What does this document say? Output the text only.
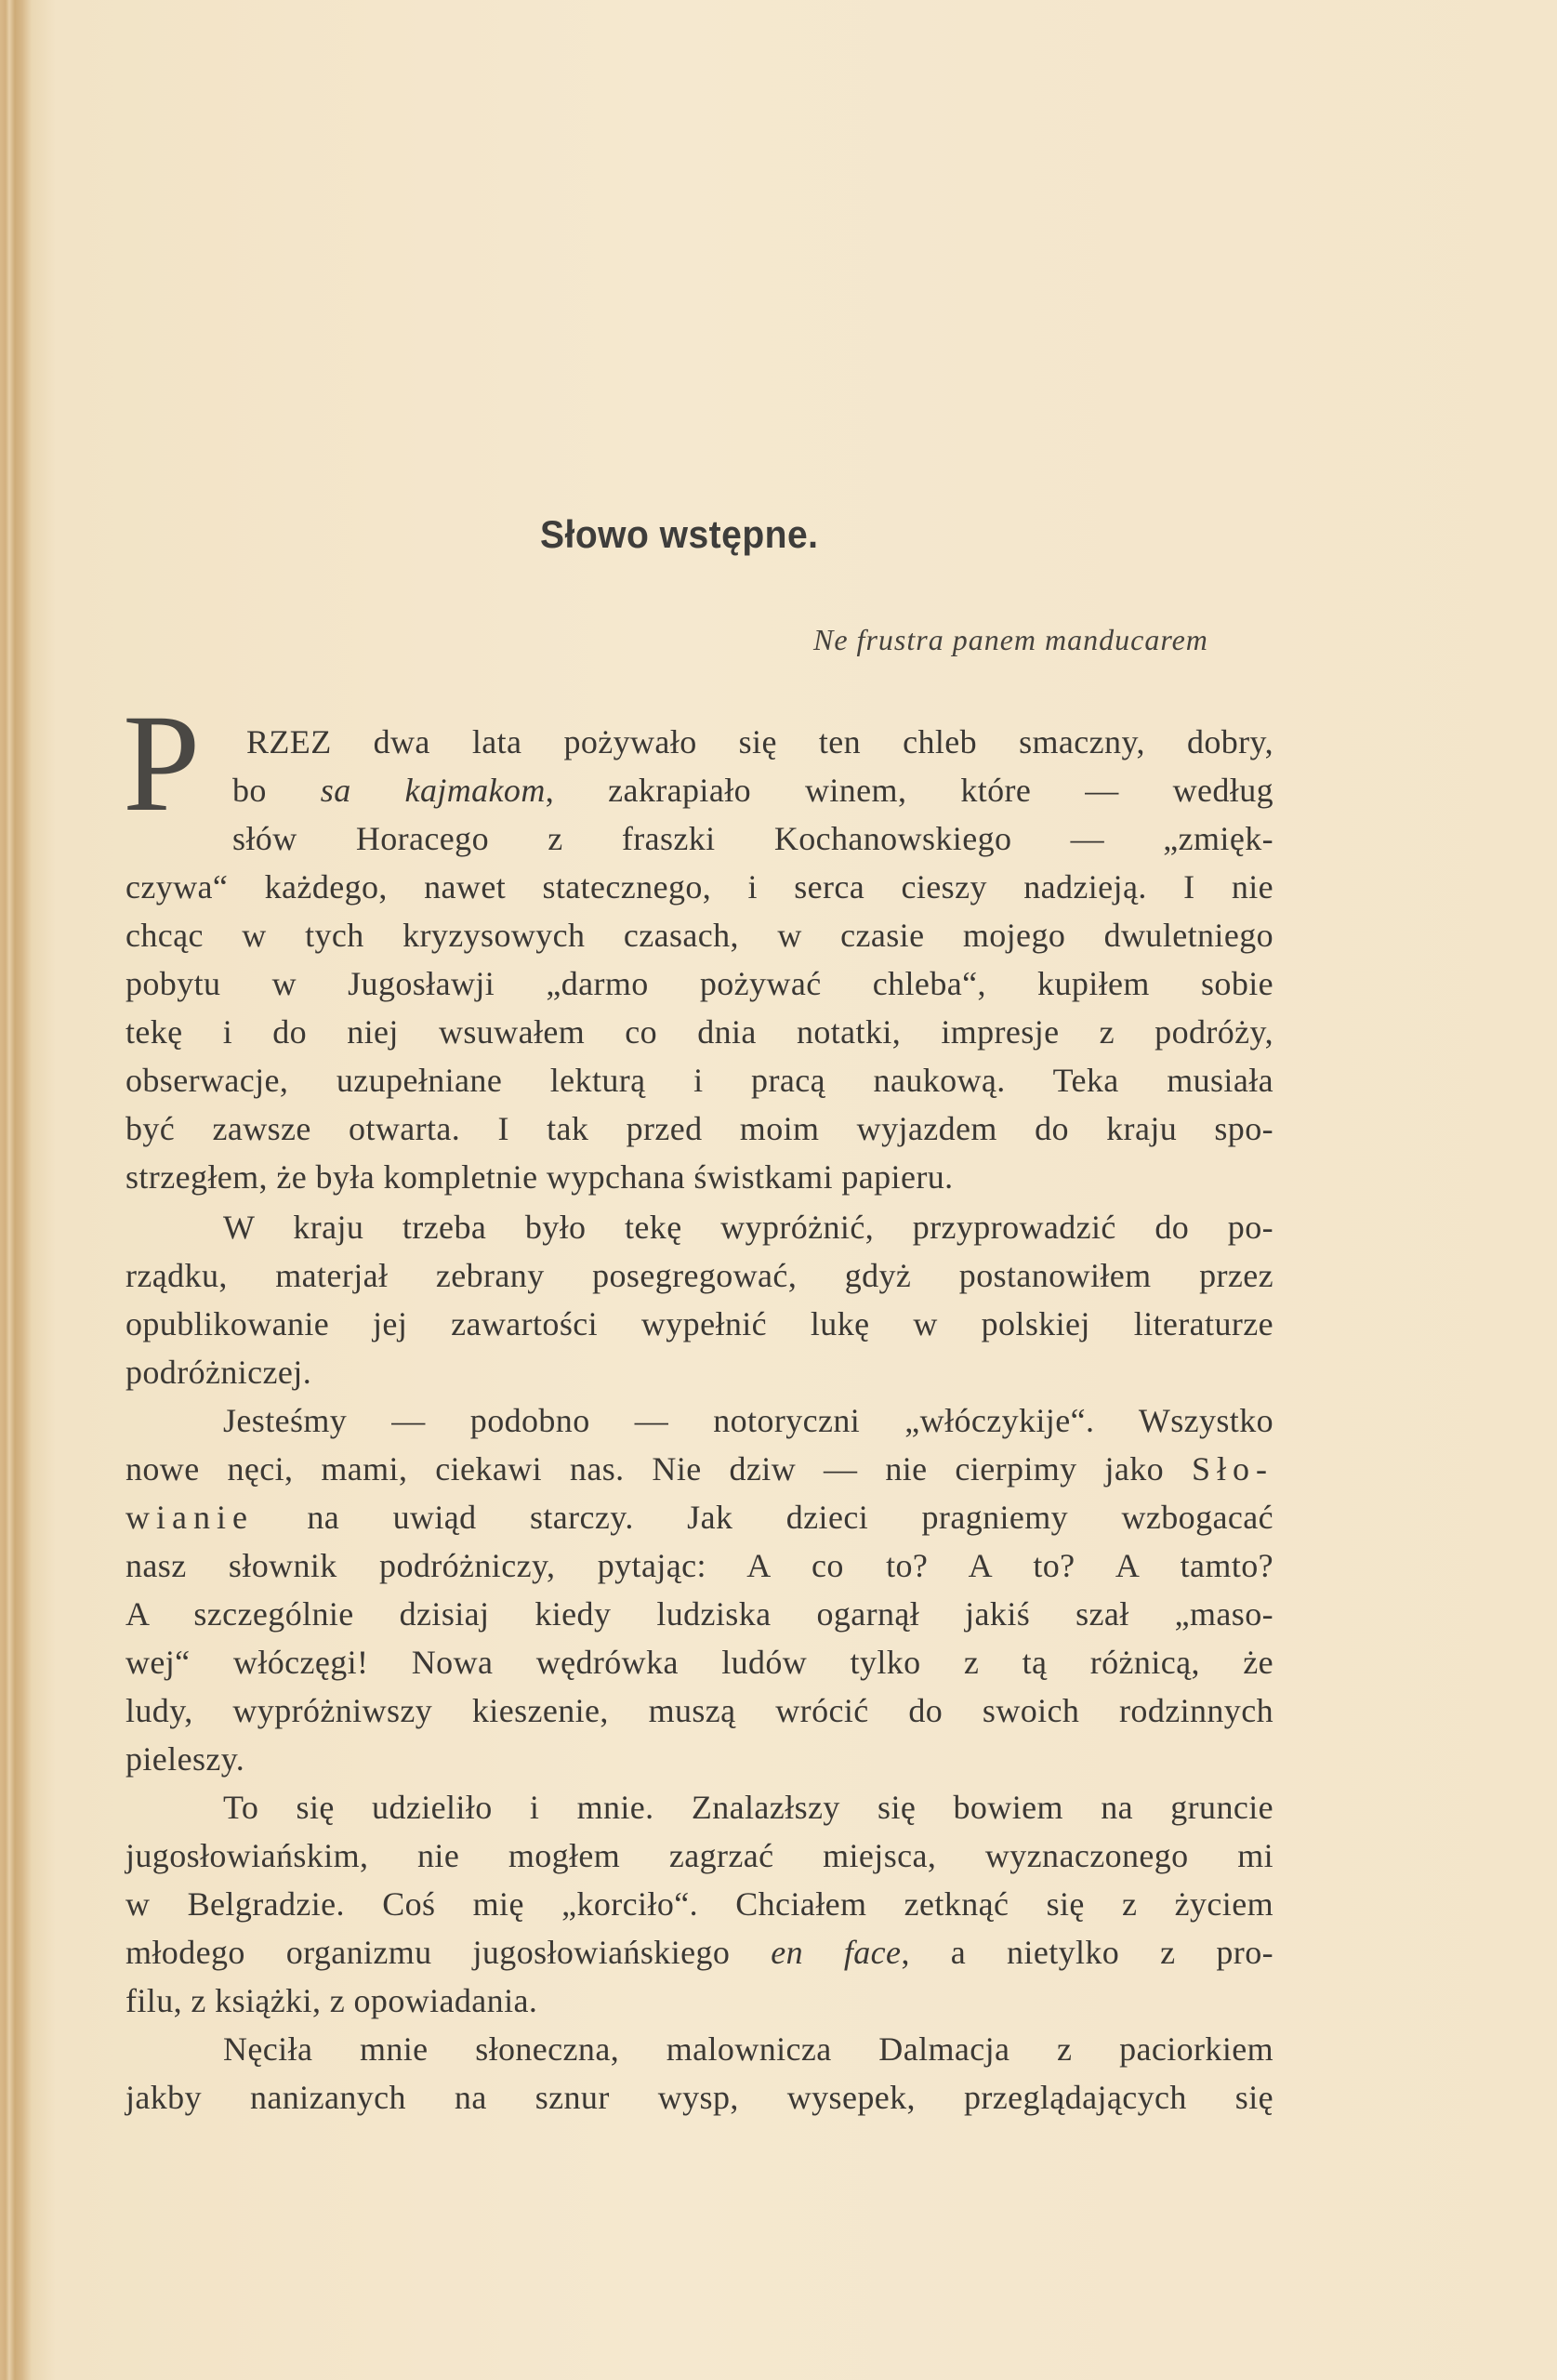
Słowo wstępne.

Ne frustra panem manducarem

P RZEZ dwa lata pożywało się ten chleb smaczny, dobry,
bo sa kajmakom, zakrapiało winem, które — według
słów Horacego z fraszki Kochanowskiego — „zmięk-
czywa“ każdego, nawet statecznego, i serca cieszy nadzieją. I nie
chcąc w tych kryzysowych czasach, w czasie mojego dwuletniego
pobytu w Jugosławji „darmo pożywać chleba“, kupiłem sobie
tekę i do niej wsuwałem co dnia notatki, impresje z podróży,
obserwacje, uzupełniane lekturą i pracą naukową. Teka musiała
być zawsze otwarta. I tak przed moim wyjazdem do kraju spo-
strzegłem, że była kompletnie wypchana świstkami papieru.
W kraju trzeba było tekę wypróżnić, przyprowadzić do po-
rządku, materjał zebrany posegregować, gdyż postanowiłem przez
opublikowanie jej zawartości wypełnić lukę w polskiej literaturze
podróżniczej.
Jesteśmy — podobno — notoryczni „włóczykije“. Wszystko
nowe nęci, mami, ciekawi nas. Nie dziw — nie cierpimy jako Sło-
wianie na uwiąd starczy. Jak dzieci pragniemy wzbogacać
nasz słownik podróżniczy, pytając: A co to? A to? A tamto?
A szczególnie dzisiaj kiedy ludziska ogarnął jakiś szał „maso-
wej“ włóczęgi! Nowa wędrówka ludów tylko z tą różnicą, że
ludy, wypróżniwszy kieszenie, muszą wrócić do swoich rodzinnych
pieleszy.
To się udzieliło i mnie. Znalazłszy się bowiem na gruncie
jugosłowiańskim, nie mogłem zagrzać miejsca, wyznaczonego mi
w Belgradzie. Coś mię „korciło“. Chciałem zetknąć się z życiem
młodego organizmu jugosłowiańskiego en face, a nietylko z pro-
filu, z książki, z opowiadania.
Nęciła mnie słoneczna, malownicza Dalmacja z paciorkiem
jakby nanizanych na sznur wysp, wysepek, przeglądających się
